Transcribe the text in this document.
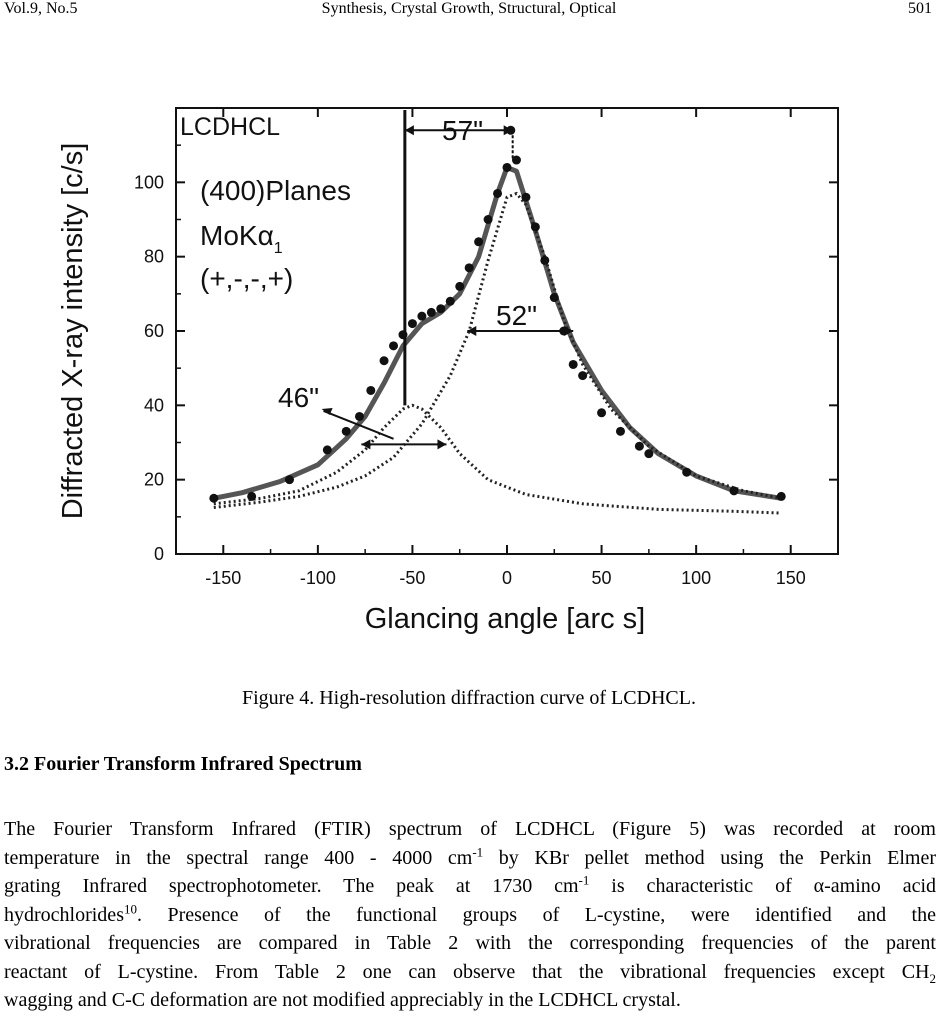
Vol.9, No.5	Synthesis, Crystal Growth, Structural, Optical	501
-150	-100	-50	0	50	100	150
0
20
40
60
80
100
Diffracted X-ray intensity [c/s]
Glancing angle [arc s]
LCDHCL
(400)Planes
MoKα$_1$
(+,-,-,+)
57"
52"
46"
Figure 4. High-resolution diffraction curve of LCDHCL.
3.2 Fourier Transform Infrared Spectrum
The Fourier Transform Infrared (FTIR) spectrum of LCDHCL (Figure 5) was recorded at room
temperature in the spectral range 400 - 4000 $cm^{-1}$ by KBr pellet method using the Perkin Elmer
grating Infrared spectrophotometer. The peak at 1730 $cm^{-1}$ is characteristic of α-amino acid
hydrochlorides$^{10}$. Presence of the functional groups of L-cystine, were identified and the
vibrational frequencies are compared in Table 2 with the corresponding frequencies of the parent
reactant of L-cystine. From Table 2 one can observe that the vibrational frequencies except $CH_2$
wagging and C-C deformation are not modified appreciably in the LCDHCL crystal.
